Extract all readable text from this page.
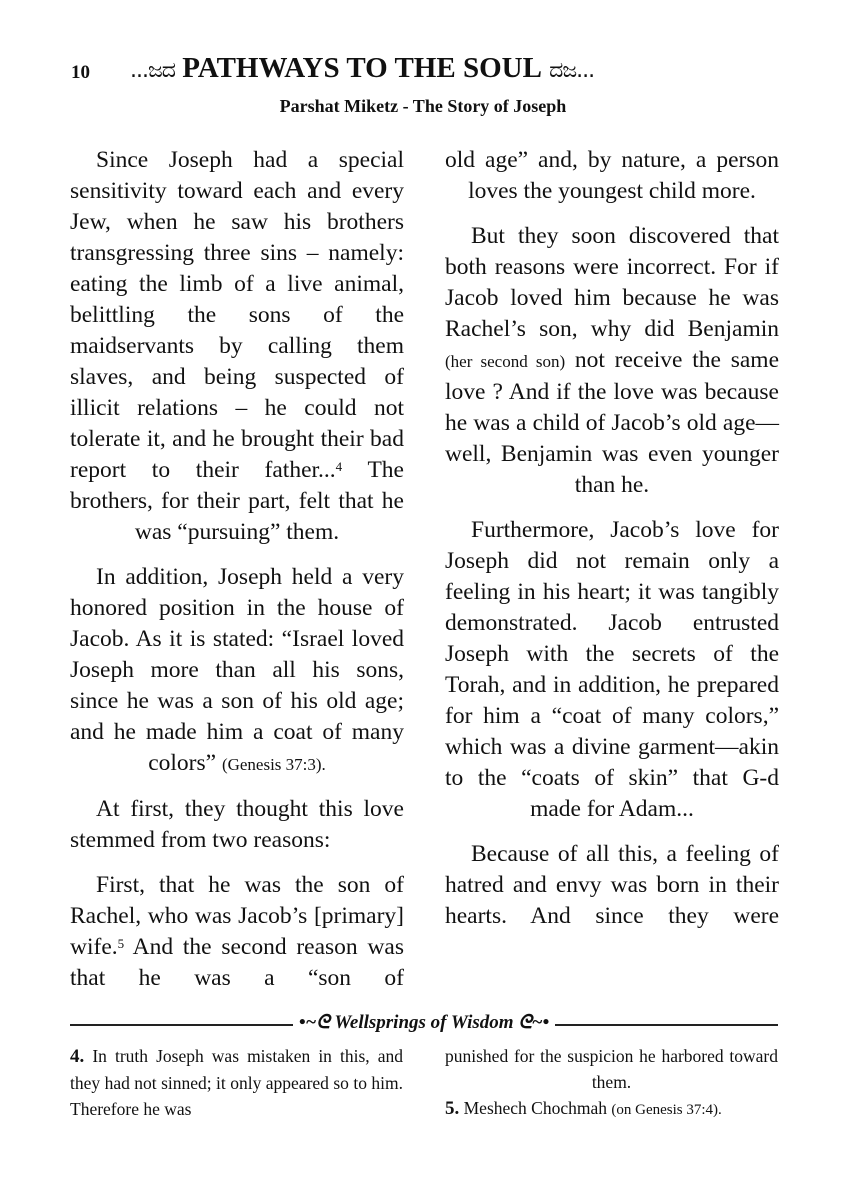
10 ...ಜದ PATHWAYS TO THE SOUL ದಜ...
Parshat Miketz - The Story of Joseph

Since Joseph had a special sensitivity toward each and every Jew, when he saw his brothers transgressing three sins – namely: eating the limb of a live animal, belittling the sons of the maidservants by calling them slaves, and being suspected of illicit relations – he could not tolerate it, and he brought their bad report to their father...$^4$ The brothers, for their part, felt that he was “pursuing” them.

In addition, Joseph held a very honored position in the house of Jacob. As it is stated: “Israel loved Joseph more than all his sons, since he was a son of his old age; and he made him a coat of many colors” (Genesis 37:3).

At first, they thought this love stemmed from two reasons:

First, that he was the son of Rachel, who was Jacob’s [primary] wife.$^5$ And the second reason was that he was a “son of

old age” and, by nature, a person loves the youngest child more.

But they soon discovered that both reasons were incorrect. For if Jacob loved him because he was Rachel’s son, why did Benjamin (her second son) not receive the same love ? And if the love was because he was a child of Jacob’s old age—well, Benjamin was even younger than he.

Furthermore, Jacob’s love for Joseph did not remain only a feeling in his heart; it was tangibly demonstrated. Jacob entrusted Joseph with the secrets of the Torah, and in addition, he prepared for him a “coat of many colors,” which was a divine garment—akin to the “coats of skin” that G-d made for Adam...

Because of all this, a feeling of hatred and envy was born in their hearts. And since they were

•~ᘓ Wellsprings of Wisdom ᘓ~•

4. In truth Joseph was mistaken in this, and they had not sinned; it only appeared so to him. Therefore he was

punished for the suspicion he harbored toward them.

5. Meshech Chochmah (on Genesis 37:4).
